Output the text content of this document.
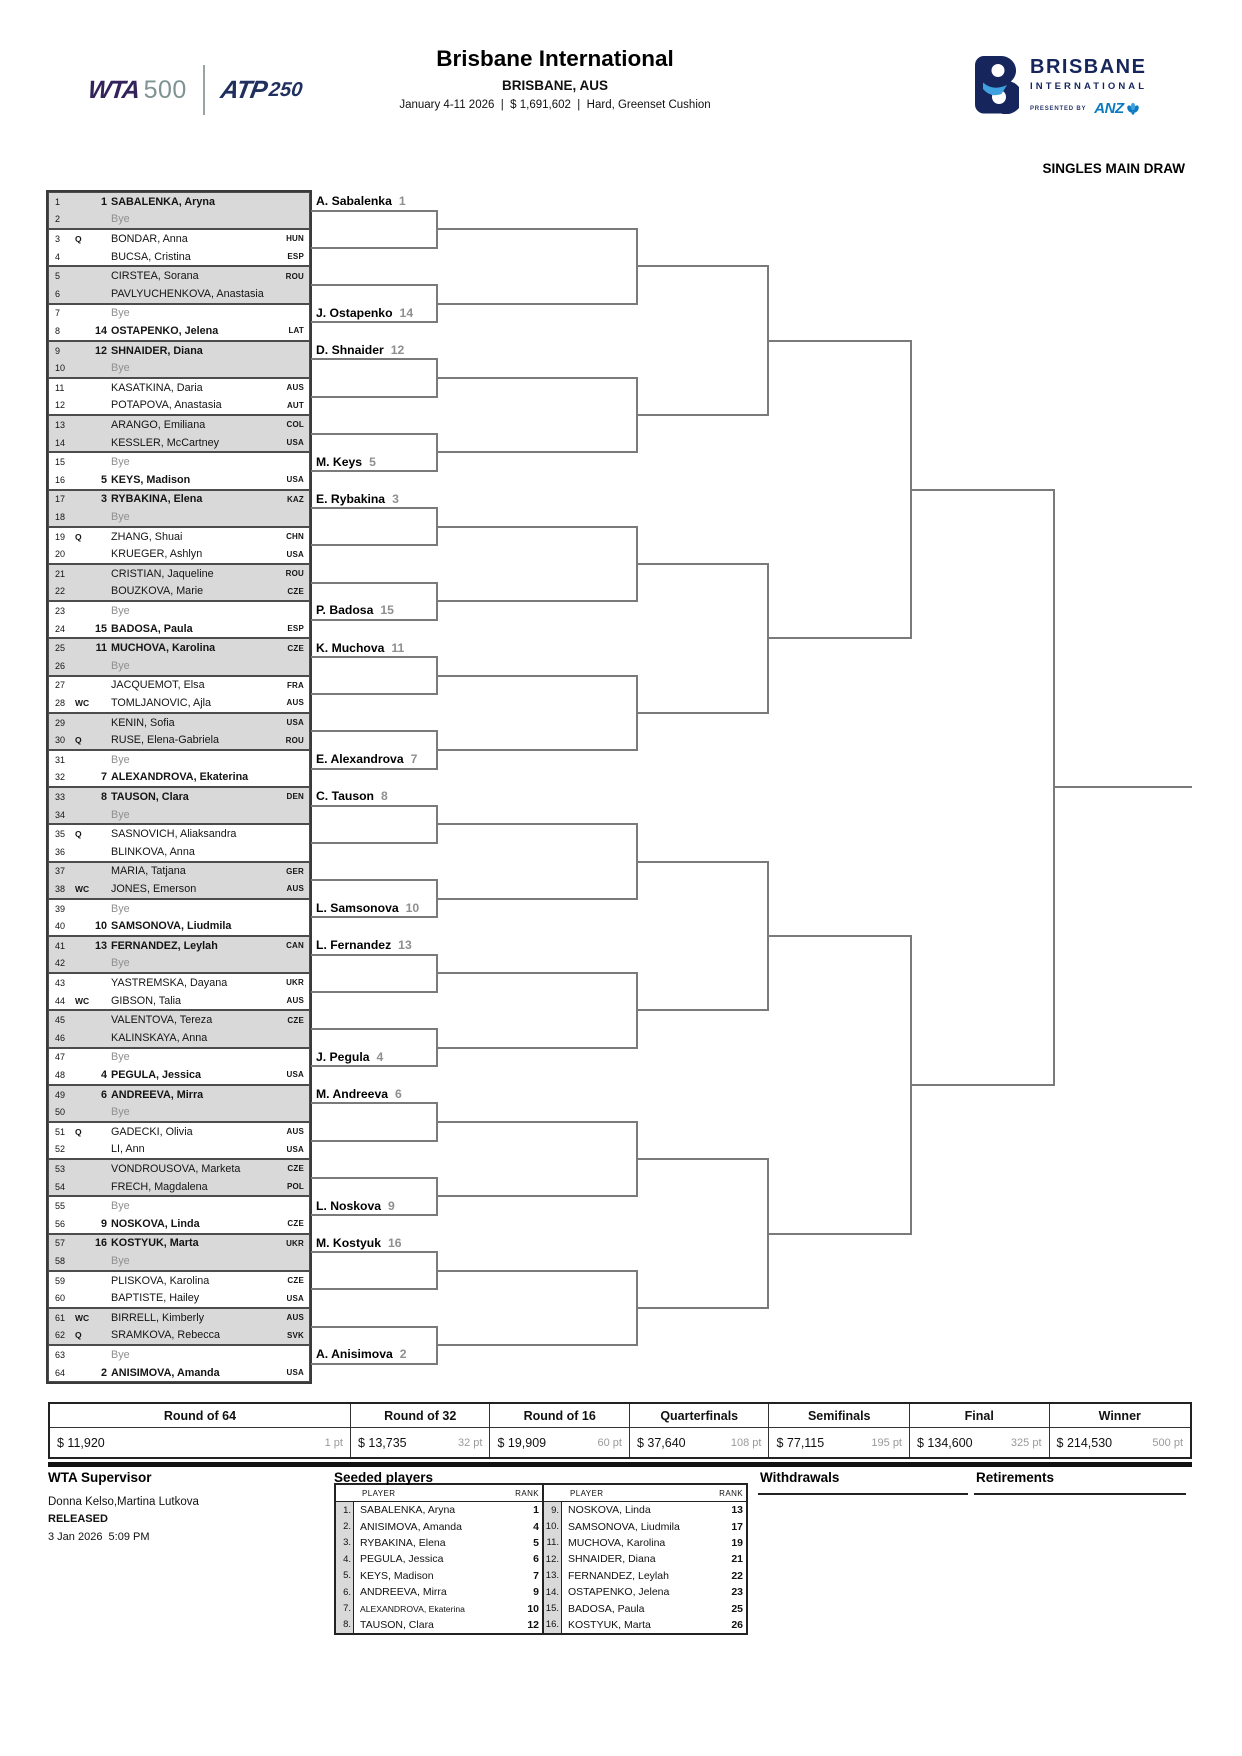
WTA 500 ATP 250
Brisbane International
BRISBANE, AUS
January 4-11 2026  |  $ 1,691,602  |  Hard, Greenset Cushion
BRISBANE
INTERNATIONAL
PRESENTED BY ANZ
SINGLES MAIN DRAW
1	1 SABALENKA, Aryna
2	Bye
3	Q	BONDAR, Anna	HUN
4	BUCSA, Cristina	ESP
5	CIRSTEA, Sorana	ROU
6	PAVLYUCHENKOVA, Anastasia
7	Bye
8	14 OSTAPENKO, Jelena	LAT
9	12 SHNAIDER, Diana
10	Bye
11	KASATKINA, Daria	AUS
12	POTAPOVA, Anastasia	AUT
13	ARANGO, Emiliana	COL
14	KESSLER, McCartney	USA
15	Bye
16	5 KEYS, Madison	USA
17	3 RYBAKINA, Elena	KAZ
18	Bye
19	Q	ZHANG, Shuai	CHN
20	KRUEGER, Ashlyn	USA
21	CRISTIAN, Jaqueline	ROU
22	BOUZKOVA, Marie	CZE
23	Bye
24	15 BADOSA, Paula	ESP
25	11 MUCHOVA, Karolina	CZE
26	Bye
27	JACQUEMOT, Elsa	FRA
28	WC	TOMLJANOVIC, Ajla	AUS
29	KENIN, Sofia	USA
30	Q	RUSE, Elena-Gabriela	ROU
31	Bye
32	7 ALEXANDROVA, Ekaterina
33	8 TAUSON, Clara	DEN
34	Bye
35	Q	SASNOVICH, Aliaksandra
36	BLINKOVA, Anna
37	MARIA, Tatjana	GER
38	WC	JONES, Emerson	AUS
39	Bye
40	10 SAMSONOVA, Liudmila
41	13 FERNANDEZ, Leylah	CAN
42	Bye
43	YASTREMSKA, Dayana	UKR
44	WC	GIBSON, Talia	AUS
45	VALENTOVA, Tereza	CZE
46	KALINSKAYA, Anna
47	Bye
48	4 PEGULA, Jessica	USA
49	6 ANDREEVA, Mirra
50	Bye
51	Q	GADECKI, Olivia	AUS
52	LI, Ann	USA
53	VONDROUSOVA, Marketa	CZE
54	FRECH, Magdalena	POL
55	Bye
56	9 NOSKOVA, Linda	CZE
57	16 KOSTYUK, Marta	UKR
58	Bye
59	PLISKOVA, Karolina	CZE
60	BAPTISTE, Hailey	USA
61	WC	BIRRELL, Kimberly	AUS
62	Q	SRAMKOVA, Rebecca	SVK
63	Bye
64	2 ANISIMOVA, Amanda	USA
A. Sabalenka 1
J. Ostapenko 14
D. Shnaider 12
M. Keys 5
E. Rybakina 3
P. Badosa 15
K. Muchova 11
E. Alexandrova 7
C. Tauson 8
L. Samsonova 10
L. Fernandez 13
J. Pegula 4
M. Andreeva 6
L. Noskova 9
M. Kostyuk 16
A. Anisimova 2
Round of 64
$ 11,920	1 pt
Round of 32
$ 13,735	32 pt
Round of 16
$ 19,909	60 pt
Quarterfinals
$ 37,640	108 pt
Semifinals
$ 77,115	195 pt
Final
$ 134,600	325 pt
Winner
$ 214,530	500 pt
PLAYER	RANK
1. SABALENKA, Aryna	1
2. ANISIMOVA, Amanda	4
3. RYBAKINA, Elena	5
4. PEGULA, Jessica	6
5. KEYS, Madison	7
6. ANDREEVA, Mirra	9
7.	ALEXANDROVA, Ekaterina	10
8. TAUSON, Clara	12
PLAYER	RANK
9. NOSKOVA, Linda	13
10. SAMSONOVA, Liudmila	17
11. MUCHOVA, Karolina	19
12. SHNAIDER, Diana	21
13. FERNANDEZ, Leylah	22
14. OSTAPENKO, Jelena	23
15. BADOSA, Paula	25
16. KOSTYUK, Marta	26
WTA Supervisor
Donna Kelso,Martina Lutkova
RELEASED
3 Jan 2026  5:09 PM
Seeded players	Withdrawals	Retirements
